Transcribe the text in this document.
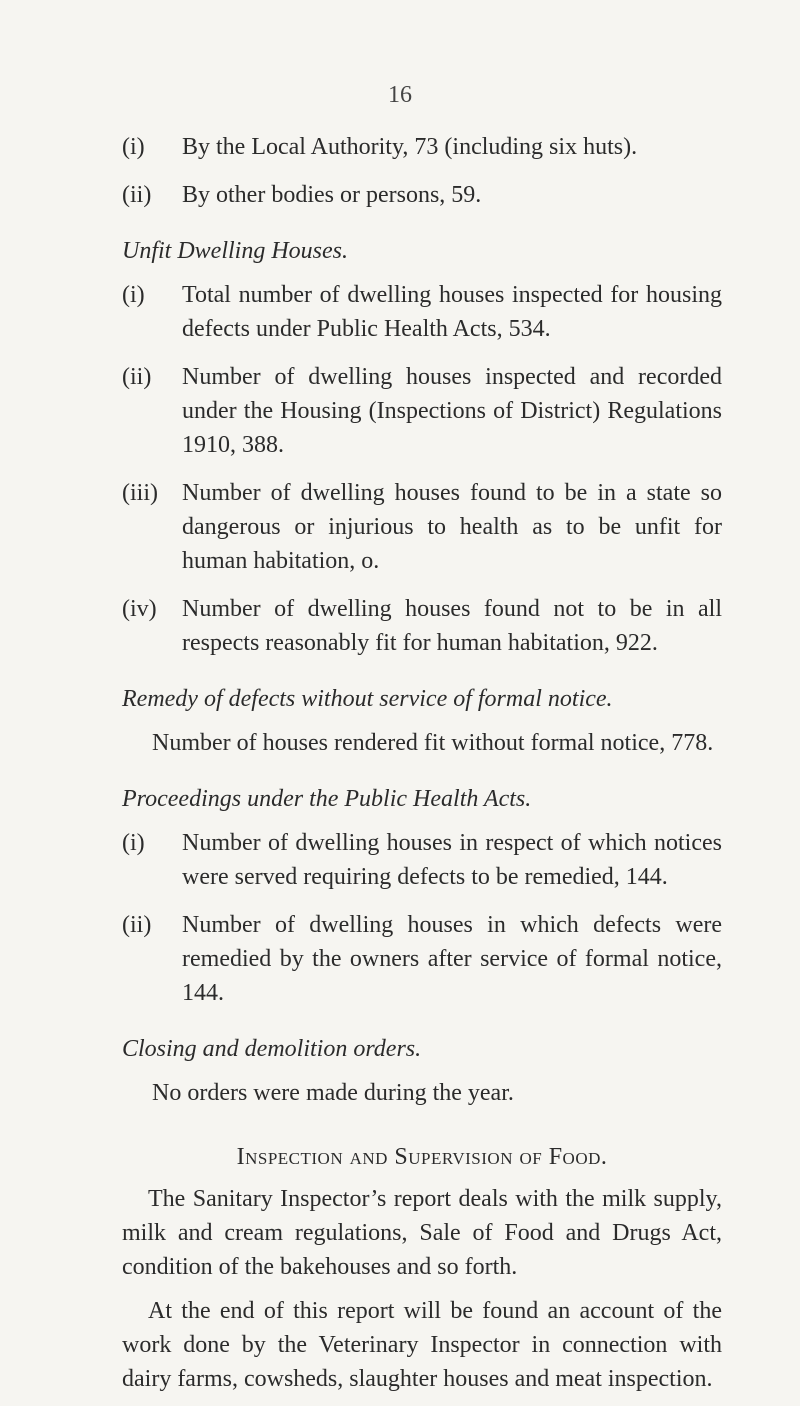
16
(i)	By the Local Authority, 73 (including six huts).
(ii)	By other bodies or persons, 59.
Unfit Dwelling Houses.
(i)	Total number of dwelling houses inspected for housing defects under Public Health Acts, 534.
(ii)	Number of dwelling houses inspected and recorded under the Housing (Inspections of District) Regulations 1910, 388.
(iii)	Number of dwelling houses found to be in a state so dangerous or injurious to health as to be unfit for human habitation, o.
(iv)	Number of dwelling houses found not to be in all respects reasonably fit for human habitation, 922.
Remedy of defects without service of formal notice.
Number of houses rendered fit without formal notice, 778.
Proceedings under the Public Health Acts.
(i)	Number of dwelling houses in respect of which notices were served requiring defects to be remedied, 144.
(ii)	Number of dwelling houses in which defects were remedied by the owners after service of formal notice, 144.
Closing and demolition orders.
No orders were made during the year.
Inspection and Supervision of Food.

The Sanitary Inspector’s report deals with the milk supply, milk and cream regulations, Sale of Food and Drugs Act, condition of the bakehouses and so forth.

At the end of this report will be found an account of the work done by the Veterinary Inspector in connection with dairy farms, cowsheds, slaughter houses and meat inspection.
